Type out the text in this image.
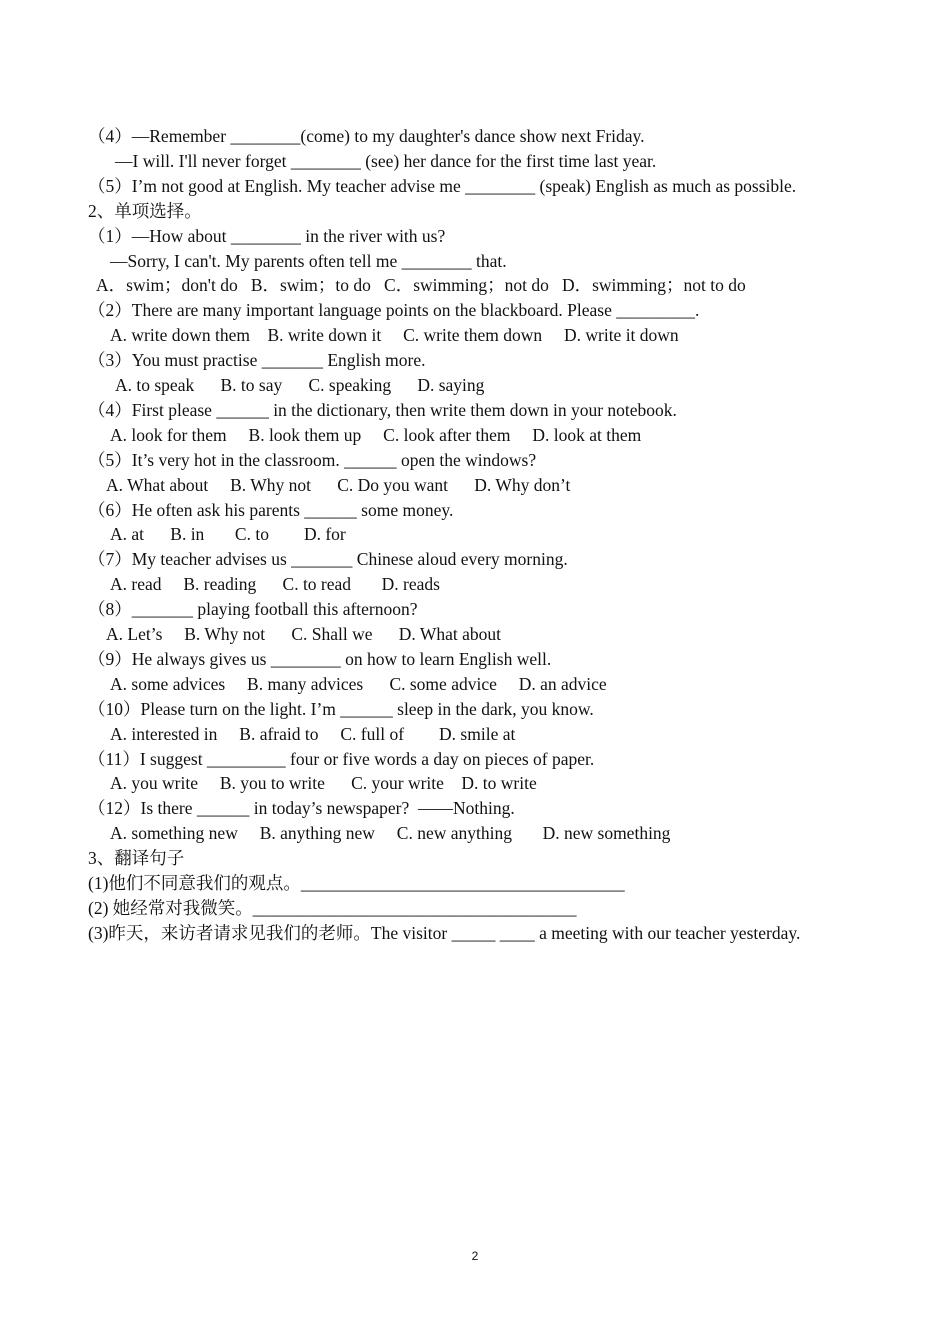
（4）—Remember ________(come) to my daughter's dance show next Friday.

—I will. I'll never forget ________ (see) her dance for the first time last year.

（5）I’m not good at English. My teacher advise me ________ (speak) English as much as possible.

2、单项选择。

（1）—How about ________ in the river with us?

—Sorry, I can't. My parents often tell me ________ that.

A．swim；don't do   B．swim；to do   C．swimming；not do   D．swimming；not to do

（2）There are many important language points on the blackboard. Please _________.

A. write down them    B. write down it     C. write them down     D. write it down

（3）You must practise _______ English more.

A. to speak      B. to say      C. speaking      D. saying

（4）First please ______ in the dictionary, then write them down in your notebook.

A. look for them     B. look them up     C. look after them     D. look at them

（5）It’s very hot in the classroom. ______ open the windows?

A. What about     B. Why not      C. Do you want      D. Why don’t

（6）He often ask his parents ______ some money.

A. at      B. in       C. to        D. for

（7）My teacher advises us _______ Chinese aloud every morning.

A. read     B. reading      C. to read       D. reads

（8）_______ playing football this afternoon?

A. Let’s     B. Why not      C. Shall we      D. What about

（9）He always gives us ________ on how to learn English well.

A. some advices     B. many advices      C. some advice     D. an advice

（10）Please turn on the light. I’m ______ sleep in the dark, you know.

A. interested in     B. afraid to     C. full of        D. smile at

（11）I suggest _________ four or five words a day on pieces of paper.

A. you write     B. you to write      C. your write    D. to write

（12）Is there ______ in today’s newspaper?  ——Nothing.

A. something new     B. anything new     C. new anything       D. new something

3、翻译句子

(1)他们不同意我们的观点。_____________________________________

(2) 她经常对我微笑。_____________________________________

(3)昨天，来访者请求见我们的老师。The visitor _____ ____ a meeting with our teacher yesterday.

2
